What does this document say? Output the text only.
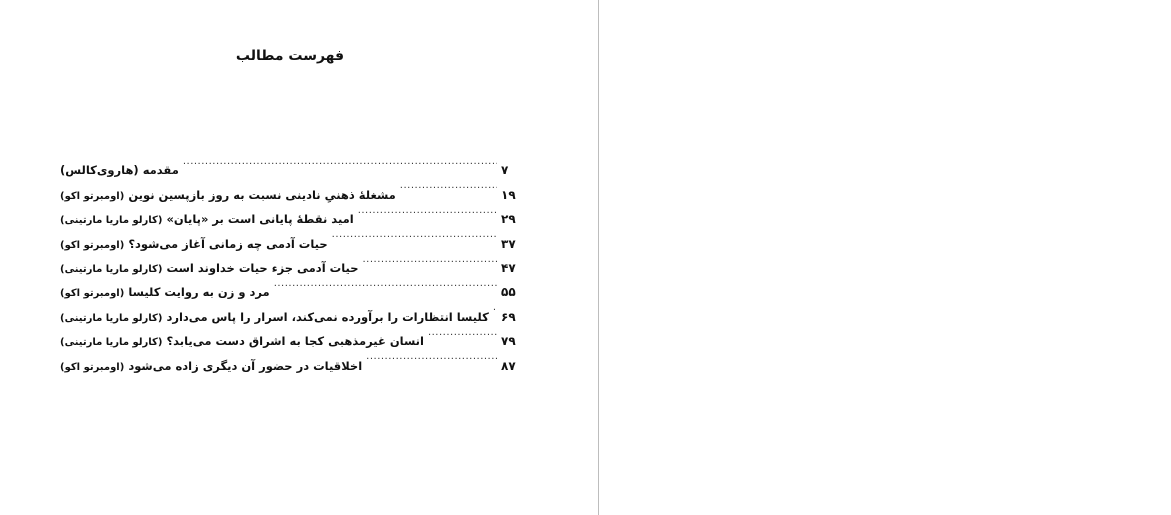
فهرست مطالب
مقدمه (هاروی‌کالس) .....	۷
مشغلهٔ ذهنیِ نادینی نسبت به روز بازپسین نوین (اومبرتو اکو) .....	۱۹
امید نقطهٔ پایانی است بر «پایان» (کارلو ماریا مارتینی) .....	۲۹
حیات آدمی چه زمانی آغاز می‌شود؟ (اومبرتو اکو) .....	۳۷
حیات آدمی جزء حیات خداوند است (کارلو ماریا مارتینی) .....	۴۷
مرد و زن به روایت کلیسا (اومبرتو اکو) .....	۵۵
کلیسا انتظارات را برآورده نمی‌کند، اسرار را پاس می‌دارد (کارلو ماریا مارتینی) .....	۶۹
انسان غیرمذهبی کجا به اشراق دست می‌یابد؟ (کارلو ماریا مارتینی) .....	۷۹
اخلاقیات در حضور آن دیگری زاده می‌شود (اومبرتو اکو) .....	۸۷
